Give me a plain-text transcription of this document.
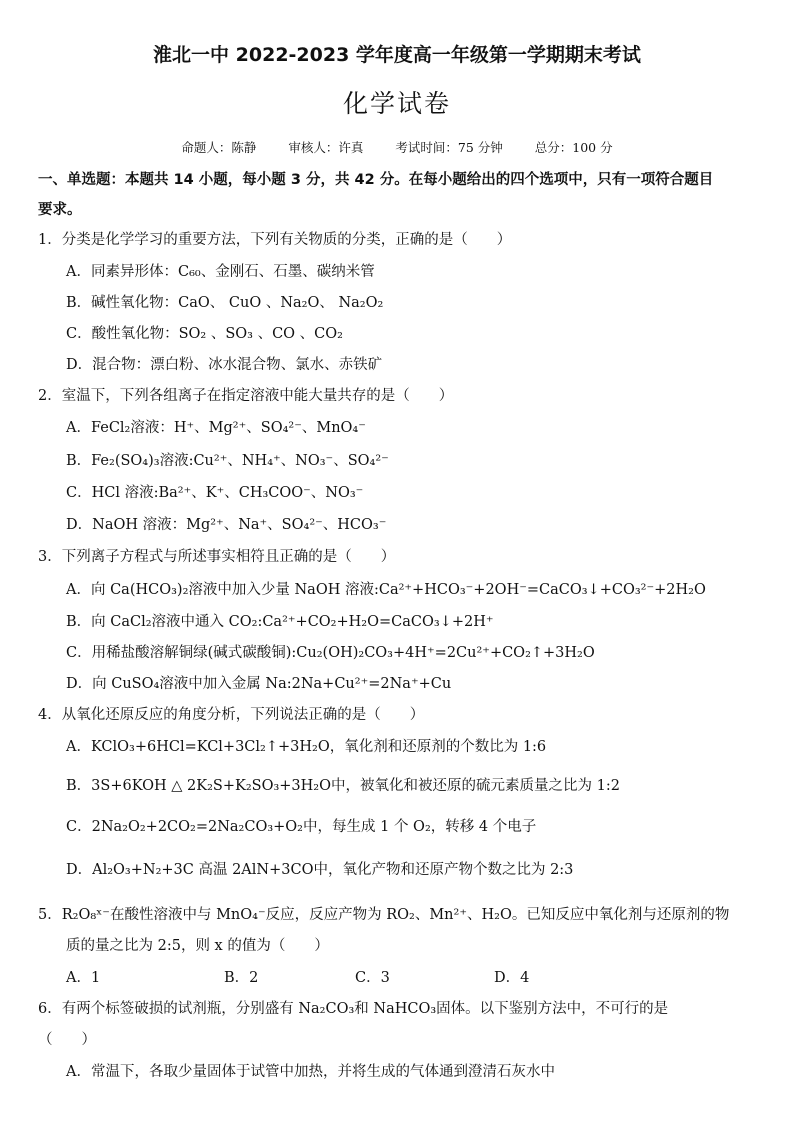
淮北一中 2022-2023 学年度高一年级第一学期期末考试
化学试卷
命题人：陈静	审核人：许真	考试时间：75 分钟	总分：100 分
一、单选题：本题共 14 小题，每小题 3 分，共 42 分。在每小题给出的四个选项中，只有一项符合题目
要求。
1．分类是化学学习的重要方法，下列有关物质的分类，正确的是（　　）
A．同素异形体：C₆₀、金刚石、石墨、碳纳米管
B．碱性氧化物：CaO、 CuO 、Na₂O、 Na₂O₂
C．酸性氧化物：SO₂ 、SO₃ 、CO 、CO₂
D．混合物：漂白粉、冰水混合物、氯水、赤铁矿
2．室温下，下列各组离子在指定溶液中能大量共存的是（　　）
A．FeCl₂溶液：H⁺、Mg²⁺、SO₄²⁻、MnO₄⁻
B．Fe₂(SO₄)₃溶液:Cu²⁺、NH₄⁺、NO₃⁻、SO₄²⁻
C．HCl 溶液:Ba²⁺、K⁺、CH₃COO⁻、NO₃⁻
D．NaOH 溶液：Mg²⁺、Na⁺、SO₄²⁻、HCO₃⁻
3．下列离子方程式与所述事实相符且正确的是（　　）
A．向 Ca(HCO₃)₂溶液中加入少量 NaOH 溶液:Ca²⁺+HCO₃⁻+2OH⁻=CaCO₃↓+CO₃²⁻+2H₂O
B．向 CaCl₂溶液中通入 CO₂:Ca²⁺+CO₂+H₂O=CaCO₃↓+2H⁺
C．用稀盐酸溶解铜绿(碱式碳酸铜):Cu₂(OH)₂CO₃+4H⁺=2Cu²⁺+CO₂↑+3H₂O
D．向 CuSO₄溶液中加入金属 Na:2Na+Cu²⁺=2Na⁺+Cu
4．从氧化还原反应的角度分析，下列说法正确的是（　　）
A．KClO₃+6HCl=KCl+3Cl₂↑+3H₂O，氧化剂和还原剂的个数比为 1:6
B．3S+6KOH △ 2K₂S+K₂SO₃+3H₂O中，被氧化和被还原的硫元素质量之比为 1:2
C．2Na₂O₂+2CO₂=2Na₂CO₃+O₂中，每生成 1 个 O₂，转移 4 个电子
D．Al₂O₃+N₂+3C 高温 2AlN+3CO中，氧化产物和还原产物个数之比为 2:3
5．R₂O₈ˣ⁻在酸性溶液中与 MnO₄⁻反应，反应产物为 RO₂、Mn²⁺、H₂O。已知反应中氧化剂与还原剂的物
质的量之比为 2:5，则 x 的值为（　　）
A．1	B．2	C．3	D．4
6．有两个标签破损的试剂瓶，分别盛有 Na₂CO₃和 NaHCO₃固体。以下鉴别方法中，不可行的是
（　　）
A．常温下，各取少量固体于试管中加热，并将生成的气体通到澄清石灰水中
